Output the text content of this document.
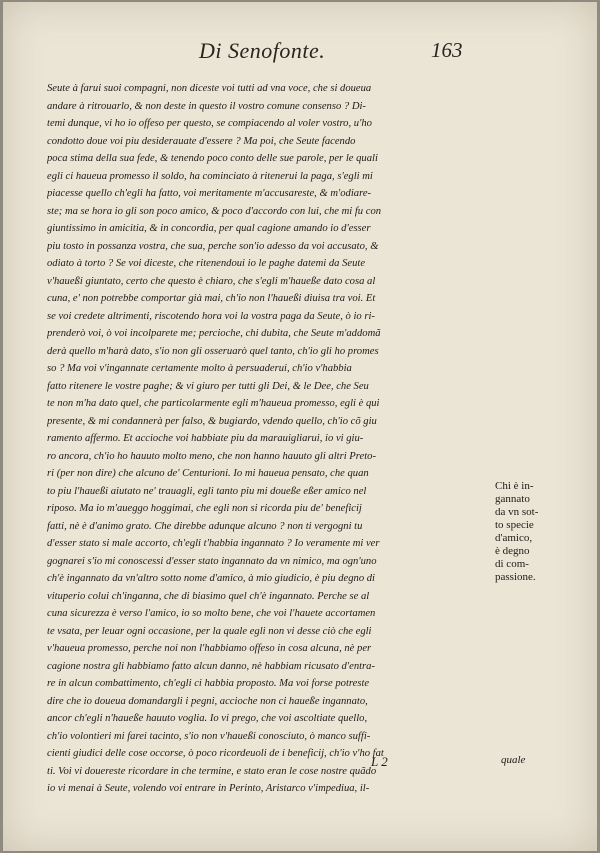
Di Senofonte.	163
Seute à farui suoi compagni, non diceste voi tutti ad vna voce, che si doueua
andare à ritrouarlo, & non deste in questo il vostro comune consenso ? Di-
temi dunque, vi ho io offeso per questo, se compiacendo al voler vostro, u'ho
condotto doue voi piu desiderauate d'essere ? Ma poi, che Seute facendo
poca stima della sua fede, & tenendo poco conto delle sue parole, per le quali
egli ci haueua promesso il soldo, ha cominciato à ritenerui la paga, s'egli mi
piacesse quello ch'egli ha fatto, voi meritamente m'accusareste, & m'odiare-
ste; ma se hora io gli son poco amico, & poco d'accordo con lui, che mi fu con
giuntissimo in amicitia, & in concordia, per qual cagione amando io d'esser
piu tosto in possanza vostra, che sua, perche son'io adesso da voi accusato, &
odiato à torto ? Se voi diceste, che ritenendoui io le paghe datemi da Seute
v'haueßi giuntato, certo che questo è chiaro, che s'egli m'haueße dato cosa al
cuna, e' non potrebbe comportar già mai, ch'io non l'haueßi diuisa tra voi. Et
se voi credete altrimenti, riscotendo hora voi la vostra paga da Seute, ò io ri-
prenderò voi, ò voi incolparete me; percioche, chi dubita, che Seute m'addomã
derà quello m'harà dato, s'io non gli osseruarò quel tanto, ch'io gli ho promes
so ? Ma voi v'ingannate certamente molto à persuaderui, ch'io v'habbia
fatto ritenere le vostre paghe; & vi giuro per tutti gli Dei, & le Dee, che Seu
te non m'ha dato quel, che particolarmente egli m'haueua promesso, egli è qui
presente, & mi condannerà per falso, & bugiardo, vdendo quello, ch'io cõ giu
ramento affermo. Et accioche voi habbiate piu da marauigliarui, io vi giu-
ro ancora, ch'io ho hauuto molto meno, che non hanno hauuto gli altri Preto-
ri (per non dire) che alcuno de' Centurioni. Io mi haueua pensato, che quan
to piu l'haueßi aiutato ne' trauagli, egli tanto piu mi doueße eßer amico nel
riposo. Ma io m'aueggo hoggimai, che egli non si ricorda piu de' beneficij
fatti, nè è d'animo grato. Che direbbe adunque alcuno ? non ti vergogni tu
d'esser stato si male accorto, ch'egli t'habbia ingannato ? Io veramente mi ver
gognarei s'io mi conoscessi d'esser stato ingannato da vn nimico, ma ogn'uno
ch'è ingannato da vn'altro sotto nome d'amico, à mio giudicio, è piu degno di
vituperio colui ch'inganna, che di biasimo quel ch'è ingannato. Perche se al
cuna sicurezza è verso l'amico, io so molto bene, che voi l'hauete accortamen
te vsata, per leuar ogni occasione, per la quale egli non vi desse ciò che egli
v'haueua promesso, perche noi non l'habbiamo offeso in cosa alcuna, nè per
cagione nostra gli habbiamo fatto alcun danno, nè habbiam ricusato d'entra-
re in alcun combattimento, ch'egli ci habbia proposto. Ma voi forse potreste
dire che io doueua domandargli i pegni, accioche non ci haueße ingannato,
ancor ch'egli n'haueße hauuto voglia. Io vi prego, che voi ascoltiate quello,
ch'io volontieri mi farei tacinto, s'io non v'haueßi conosciuto, ò manco suffi-
cienti giudici delle cose occorse, ò poco ricordeuoli de i beneficij, ch'io v'ho fat
ti. Voi vi douereste ricordare in che termine, e stato eran le cose nostre quãdo
io vi menai à Seute, volendo voi entrare in Perinto, Aristarco v'impediua, il-
Chi è in-
gannato
da vn sot-
to specie
d'amico,
è degno
di com-
passione.
L 2	quale
